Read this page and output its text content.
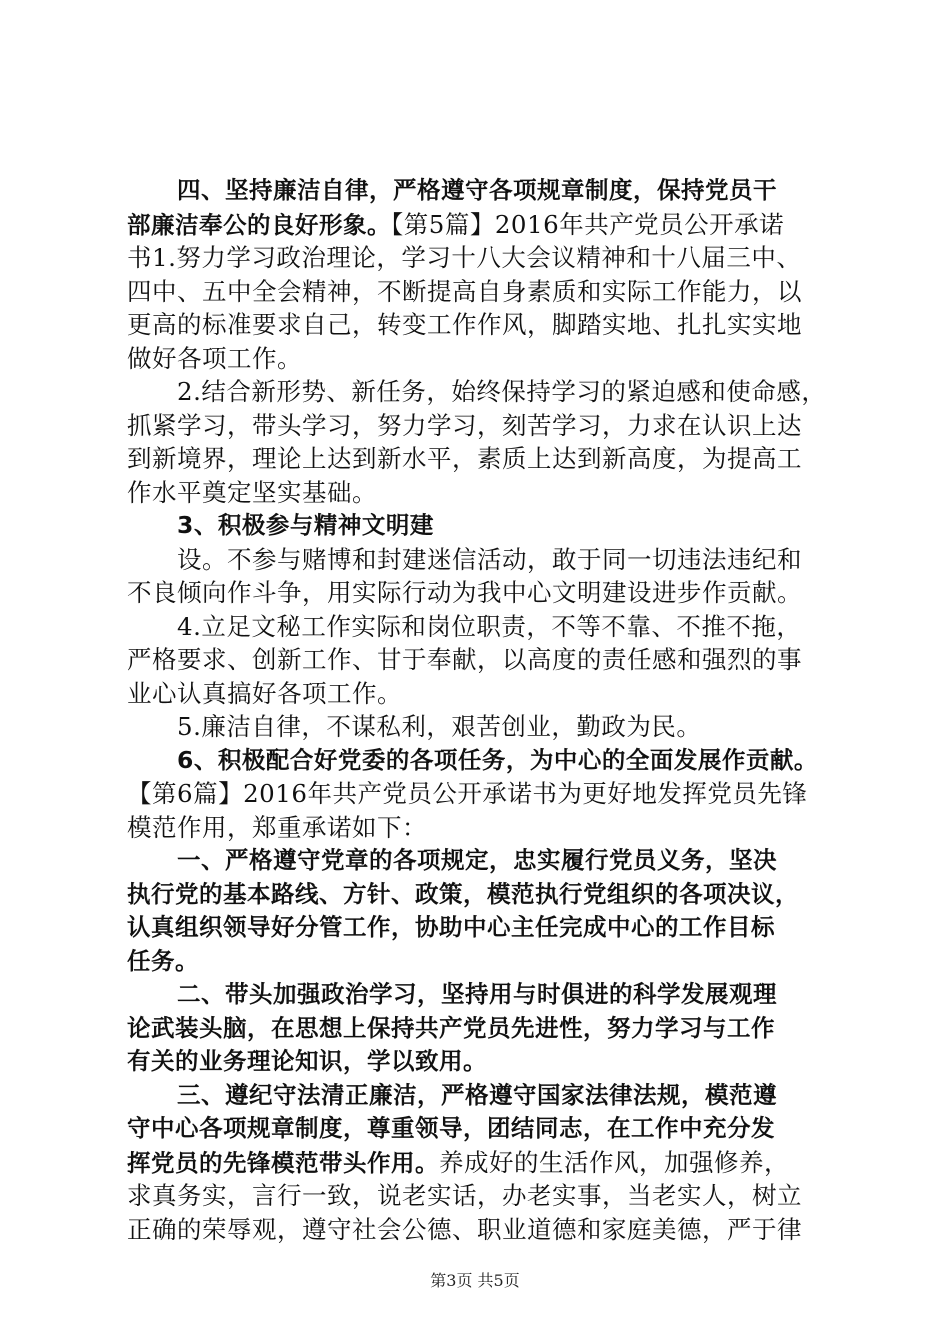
四、坚持廉洁自律，严格遵守各项规章制度，保持党员干
部廉洁奉公的良好形象。【第5篇】2016年共产党员公开承诺
书1.努力学习政治理论，学习十八大会议精神和十八届三中、
四中、五中全会精神，不断提高自身素质和实际工作能力，以
更高的标准要求自己，转变工作作风，脚踏实地、扎扎实实地
做好各项工作。
2.结合新形势、新任务，始终保持学习的紧迫感和使命感，
抓紧学习，带头学习，努力学习，刻苦学习，力求在认识上达
到新境界，理论上达到新水平，素质上达到新高度，为提高工
作水平奠定坚实基础。
3、积极参与精神文明建
设。不参与赌博和封建迷信活动，敢于同一切违法违纪和
不良倾向作斗争，用实际行动为我中心文明建设进步作贡献。
4.立足文秘工作实际和岗位职责，不等不靠、不推不拖，
严格要求、创新工作、甘于奉献，以高度的责任感和强烈的事
业心认真搞好各项工作。
5.廉洁自律，不谋私利，艰苦创业，勤政为民。
6、积极配合好党委的各项任务，为中心的全面发展作贡献。
【第6篇】2016年共产党员公开承诺书为更好地发挥党员先锋
模范作用，郑重承诺如下：
一、严格遵守党章的各项规定，忠实履行党员义务，坚决
执行党的基本路线、方针、政策，模范执行党组织的各项决议，
认真组织领导好分管工作，协助中心主任完成中心的工作目标
任务。
二、带头加强政治学习，坚持用与时俱进的科学发展观理
论武装头脑，在思想上保持共产党员先进性，努力学习与工作
有关的业务理论知识，学以致用。
三、遵纪守法清正廉洁，严格遵守国家法律法规，模范遵
守中心各项规章制度，尊重领导，团结同志，在工作中充分发
挥党员的先锋模范带头作用。养成好的生活作风，加强修养，
求真务实，言行一致，说老实话，办老实事，当老实人，树立
正确的荣辱观，遵守社会公德、职业道德和家庭美德，严于律
第3页 共5页
